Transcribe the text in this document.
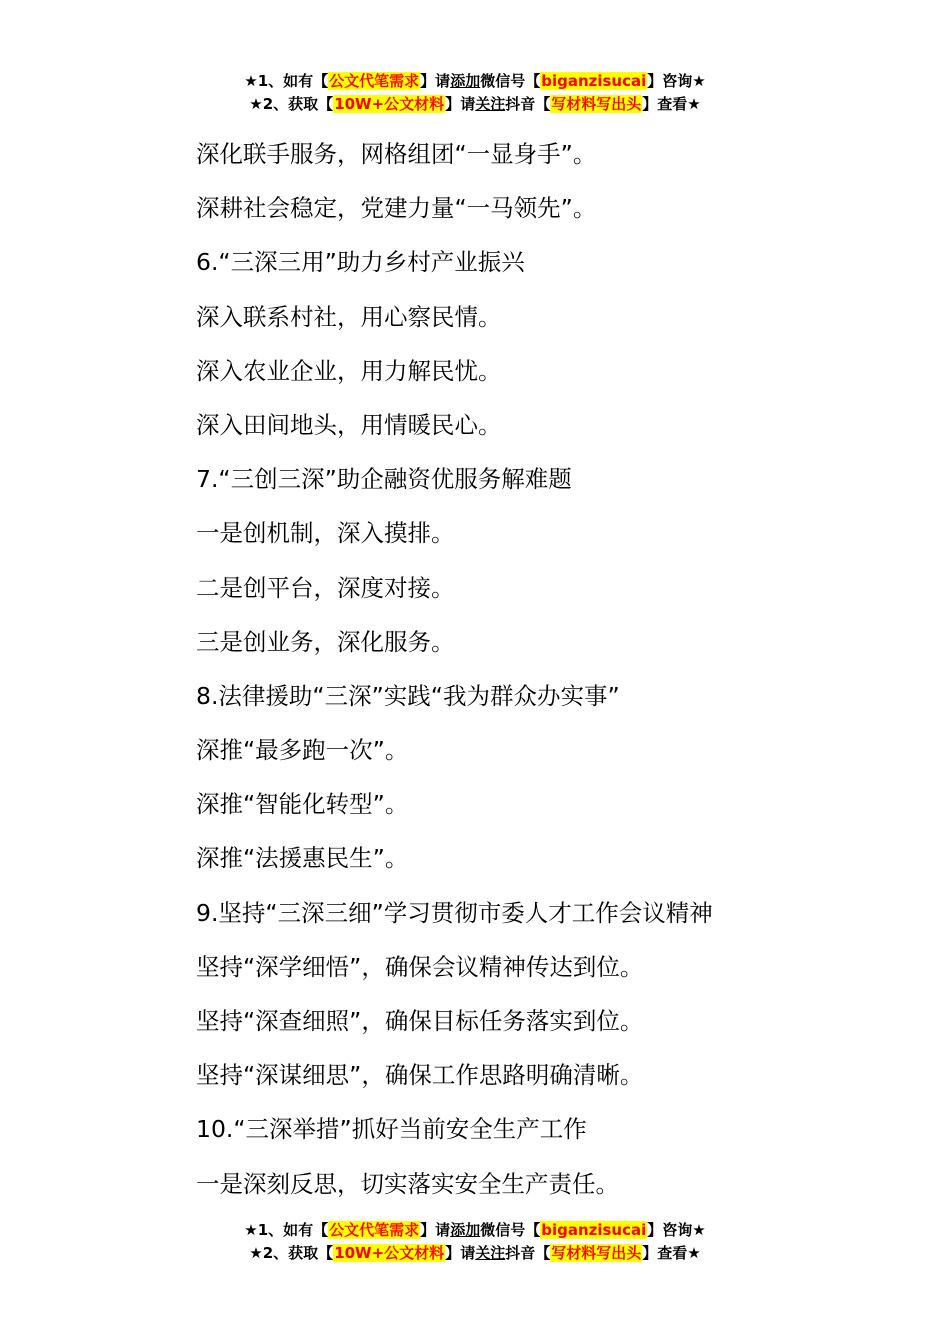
★1、如有【公文代笔需求】请添加微信号【biganzisucai】咨询★
★2、获取【10W+公文材料】请关注抖音【写材料写出头】查看★
深化联手服务，网格组团“一显身手”。
深耕社会稳定，党建力量“一马领先”。
6.“三深三用”助力乡村产业振兴
深入联系村社，用心察民情。
深入农业企业，用力解民忧。
深入田间地头，用情暖民心。
7.“三创三深”助企融资优服务解难题
一是创机制，深入摸排。
二是创平台，深度对接。
三是创业务，深化服务。
8.法律援助“三深”实践“我为群众办实事”
深推“最多跑一次”。
深推“智能化转型”。
深推“法援惠民生”。
9.坚持“三深三细”学习贯彻市委人才工作会议精神
坚持“深学细悟”，确保会议精神传达到位。
坚持“深查细照”，确保目标任务落实到位。
坚持“深谋细思”，确保工作思路明确清晰。
10.“三深举措”抓好当前安全生产工作
一是深刻反思，切实落实安全生产责任。
★1、如有【公文代笔需求】请添加微信号【biganzisucai】咨询★
★2、获取【10W+公文材料】请关注抖音【写材料写出头】查看★
